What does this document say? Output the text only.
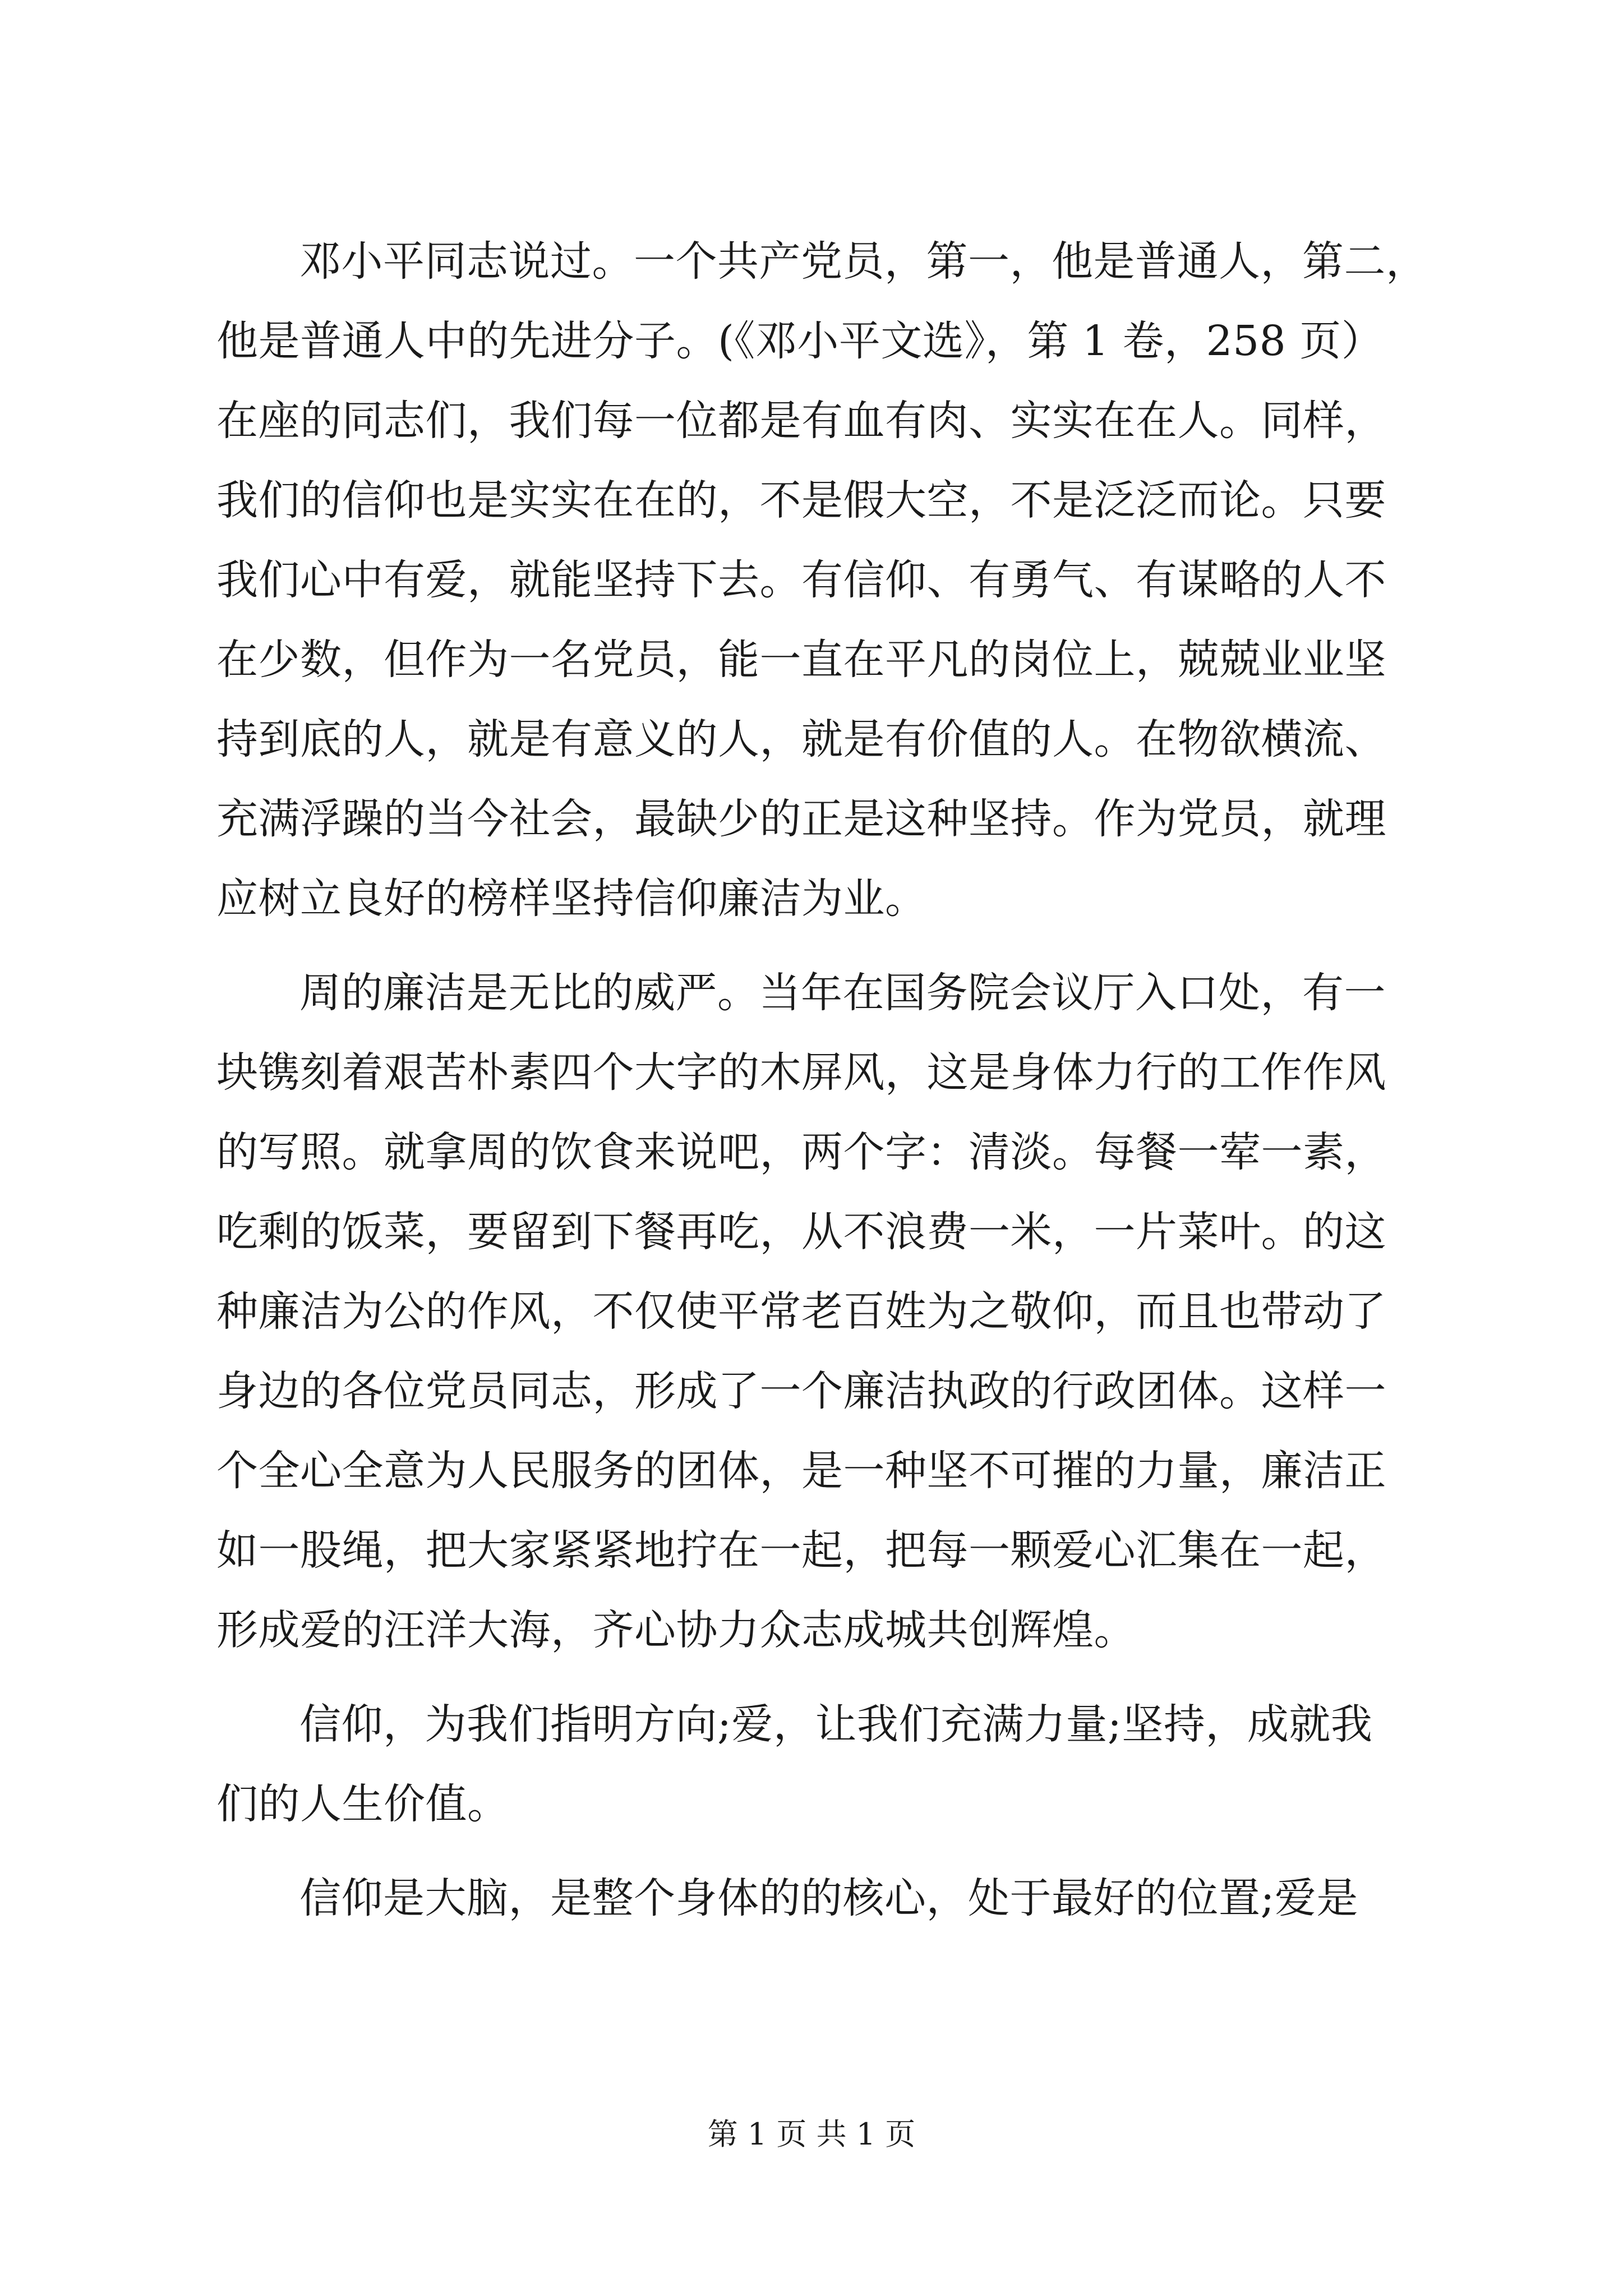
邓小平同志说过。一个共产党员，第一，他是普通人，第二，
他是普通人中的先进分子。(《邓小平文选》，第 1 卷，258 页）
在座的同志们，我们每一位都是有血有肉、实实在在人。同样，
我们的信仰也是实实在在的，不是假大空，不是泛泛而论。只要
我们心中有爱，就能坚持下去。有信仰、有勇气、有谋略的人不
在少数，但作为一名党员，能一直在平凡的岗位上，兢兢业业坚
持到底的人，就是有意义的人，就是有价值的人。在物欲横流、
充满浮躁的当今社会，最缺少的正是这种坚持。作为党员，就理
应树立良好的榜样坚持信仰廉洁为业。
周的廉洁是无比的威严。当年在国务院会议厅入口处，有一
块镌刻着艰苦朴素四个大字的木屏风，这是身体力行的工作作风
的写照。就拿周的饮食来说吧，两个字：清淡。每餐一荤一素，
吃剩的饭菜，要留到下餐再吃，从不浪费一米，一片菜叶。的这
种廉洁为公的作风，不仅使平常老百姓为之敬仰，而且也带动了
身边的各位党员同志，形成了一个廉洁执政的行政团体。这样一
个全心全意为人民服务的团体，是一种坚不可摧的力量，廉洁正
如一股绳，把大家紧紧地拧在一起，把每一颗爱心汇集在一起，
形成爱的汪洋大海，齐心协力众志成城共创辉煌。
信仰，为我们指明方向;爱，让我们充满力量;坚持，成就我
们的人生价值。
信仰是大脑，是整个身体的的核心，处于最好的位置;爱是
第 1 页 共 1 页
